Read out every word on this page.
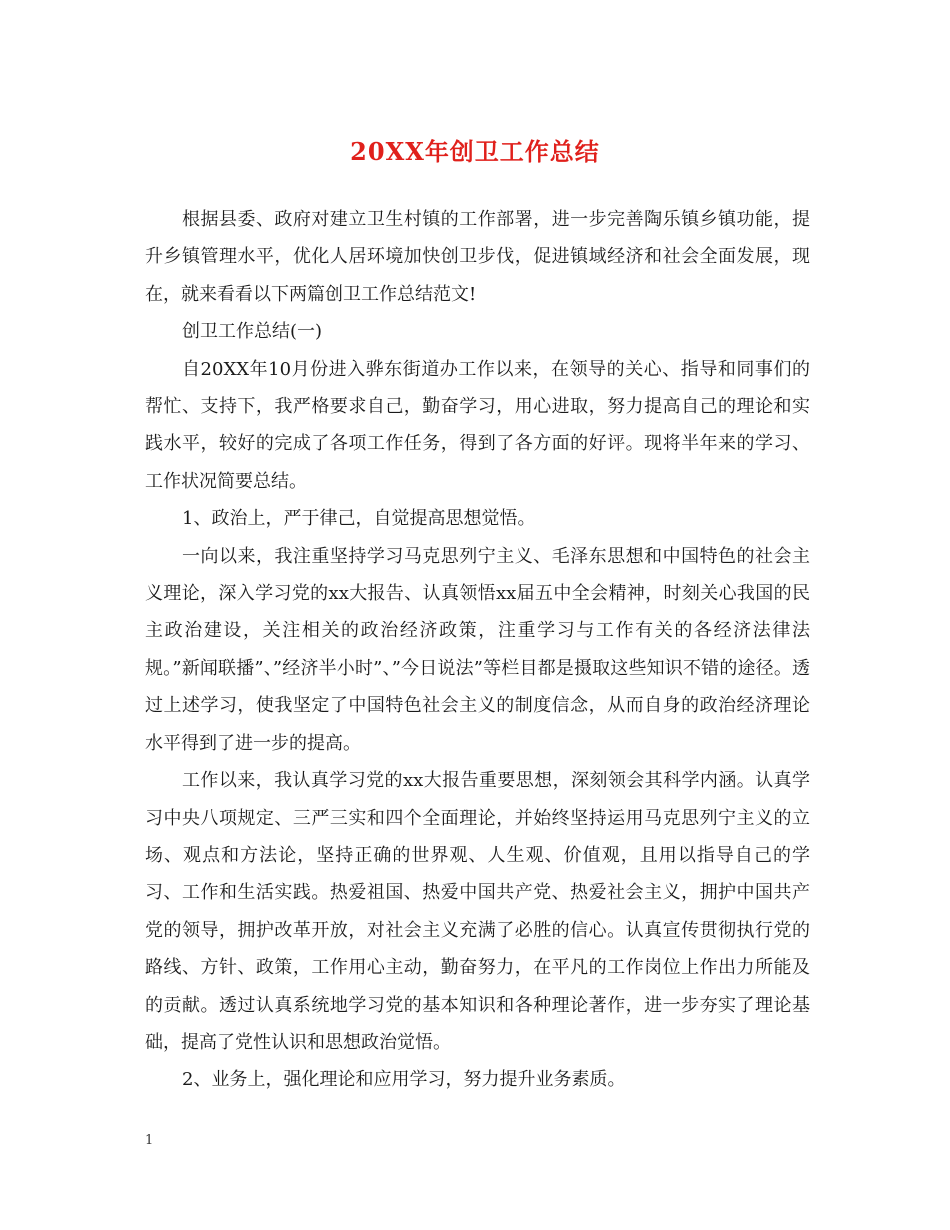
20XX年创卫工作总结

根据县委、政府对建立卫生村镇的工作部署，进一步完善陶乐镇乡镇功能，提升乡镇管理水平，优化人居环境加快创卫步伐，促进镇域经济和社会全面发展，现在，就来看看以下两篇创卫工作总结范文!

创卫工作总结(一)

自20XX年10月份进入骅东街道办工作以来，在领导的关心、指导和同事们的帮忙、支持下，我严格要求自己，勤奋学习，用心进取，努力提高自己的理论和实践水平，较好的完成了各项工作任务，得到了各方面的好评。现将半年来的学习、工作状况简要总结。

1、政治上，严于律己，自觉提高思想觉悟。

一向以来，我注重坚持学习马克思列宁主义、毛泽东思想和中国特色的社会主义理论，深入学习党的xx大报告、认真领悟xx届五中全会精神，时刻关心我国的民主政治建设，关注相关的政治经济政策，注重学习与工作有关的各经济法律法规。”新闻联播”、”经济半小时”、”今日说法”等栏目都是摄取这些知识不错的途径。透过上述学习，使我坚定了中国特色社会主义的制度信念，从而自身的政治经济理论水平得到了进一步的提高。

工作以来，我认真学习党的xx大报告重要思想，深刻领会其科学内涵。认真学习中央八项规定、三严三实和四个全面理论，并始终坚持运用马克思列宁主义的立场、观点和方法论，坚持正确的世界观、人生观、价值观，且用以指导自己的学习、工作和生活实践。热爱祖国、热爱中国共产党、热爱社会主义，拥护中国共产党的领导，拥护改革开放，对社会主义充满了必胜的信心。认真宣传贯彻执行党的路线、方针、政策，工作用心主动，勤奋努力，在平凡的工作岗位上作出力所能及的贡献。透过认真系统地学习党的基本知识和各种理论著作，进一步夯实了理论基础，提高了党性认识和思想政治觉悟。

2、业务上，强化理论和应用学习，努力提升业务素质。

1
